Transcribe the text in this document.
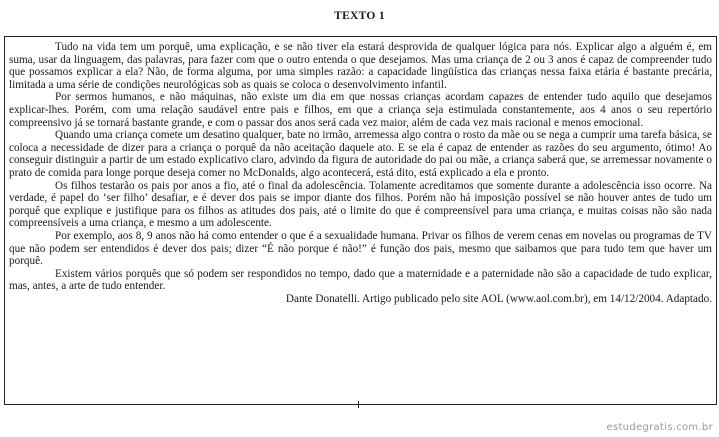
TEXTO 1

Tudo na vida tem um porquê, uma explicação, e se não tiver ela estará desprovida de qualquer lógica para nós. Explicar algo a alguém é, em suma, usar da linguagem, das palavras, para fazer com que o outro entenda o que desejamos. Mas uma criança de 2 ou 3 anos é capaz de compreender tudo que possamos explicar a ela? Não, de forma alguma, por uma simples razão: a capacidade lingüística das crianças nessa faixa etária é bastante precária, limitada a uma série de condições neurológicas sob as quais se coloca o desenvolvimento infantil.

Por sermos humanos, e não máquinas, não existe um dia em que nossas crianças acordam capazes de entender tudo aquilo que desejamos explicar-lhes. Porém, com uma relação saudável entre pais e filhos, em que a criança seja estimulada constantemente, aos 4 anos o seu repertório compreensivo já se tornará bastante grande, e com o passar dos anos será cada vez maior, além de cada vez mais racional e menos emocional.

Quando uma criança comete um desatino qualquer, bate no irmão, arremessa algo contra o rosto da mãe ou se nega a cumprir uma tarefa básica, se coloca a necessidade de dizer para a criança o porquê da não aceitação daquele ato. E se ela é capaz de entender as razões do seu argumento, ótimo! Ao conseguir distinguir a partir de um estado explicativo claro, advindo da figura de autoridade do pai ou mãe, a criança saberá que, se arremessar novamente o prato de comida para longe porque deseja comer no McDonalds, algo acontecerá, está dito, está explicado a ela e pronto.

Os filhos testarão os pais por anos a fio, até o final da adolescência. Tolamente acreditamos que somente durante a adolescência isso ocorre. Na verdade, é papel do ‘ser filho’ desafiar, e é dever dos pais se impor diante dos filhos. Porém não há imposição possível se não houver antes de tudo um porquê que explique e justifique para os filhos as atitudes dos pais, até o limite do que é compreensível para uma criança, e muitas coisas não são nada compreensíveis a uma criança, e mesmo a um adolescente.

Por exemplo, aos 8, 9 anos não há como entender o que é a sexualidade humana. Privar os filhos de verem cenas em novelas ou programas de TV que não podem ser entendidos é dever dos pais; dizer “É não porque é não!” é função dos pais, mesmo que saibamos que para tudo tem que haver um porquê.

Existem vários porquês que só podem ser respondidos no tempo, dado que a maternidade e a paternidade não são a capacidade de tudo explicar, mas, antes, a arte de tudo entender.

Dante Donatelli. Artigo publicado pelo site AOL (www.aol.com.br), em 14/12/2004. Adaptado.

estudegratis.com.br
